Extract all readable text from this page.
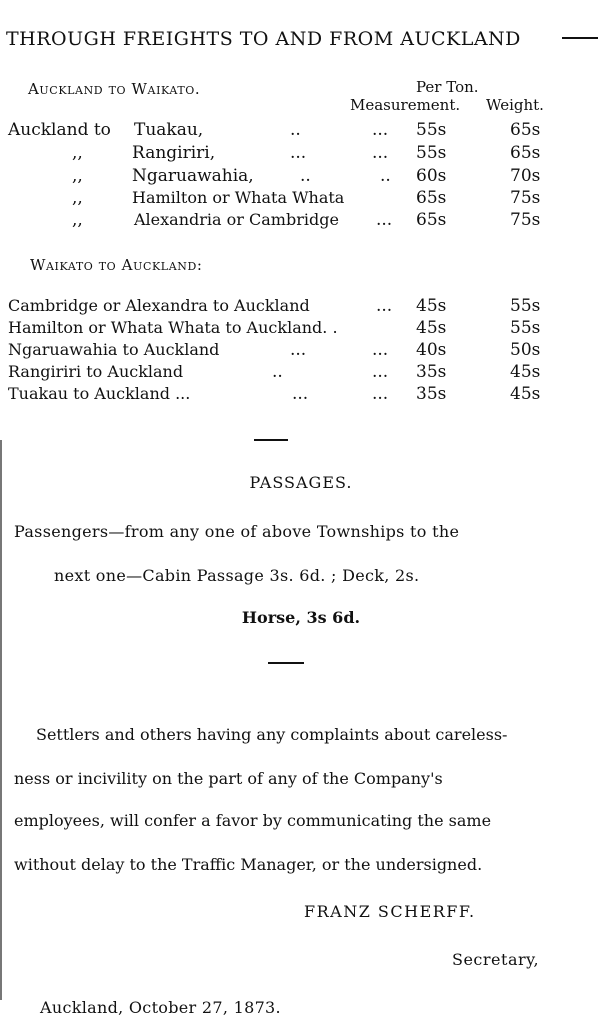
THROUGH FREIGHTS TO AND FROM AUCKLAND
Auckland to Waikato.	Per Ton.
Measurement. Weight.
Auckland to Tuakau,	..	... 55s	65s
,,	Rangiriri,	...	... 55s	65s
,,	Ngaruawahia,	..	.. 60s	70s
,,	Hamilton or Whata Whata	65s	75s
,,	Alexandria or Cambridge ... 65s	75s
Waikato to Auckland:
Cambridge or Alexandra to Auckland	... 45s	55s
Hamilton or Whata Whata to Auckland. .	45s	55s
Ngaruawahia to Auckland	...	... 40s	50s
Rangiriri to Auckland	..	... 35s	45s
Tuakau to Auckland ...	...	... 35s	45s
PASSAGES.
Passengers—from any one of above Townships to the
next one—Cabin Passage 3s. 6d. ; Deck, 2s.
Horse, 3s 6d.
Settlers and others having any complaints about careless-
ness or incivility on the part of any of the Company's
employees, will confer a favor by communicating the same
without delay to the Traffic Manager, or the undersigned.
FRANZ SCHERFF.
Secretary,
Auckland, October 27, 1873.
